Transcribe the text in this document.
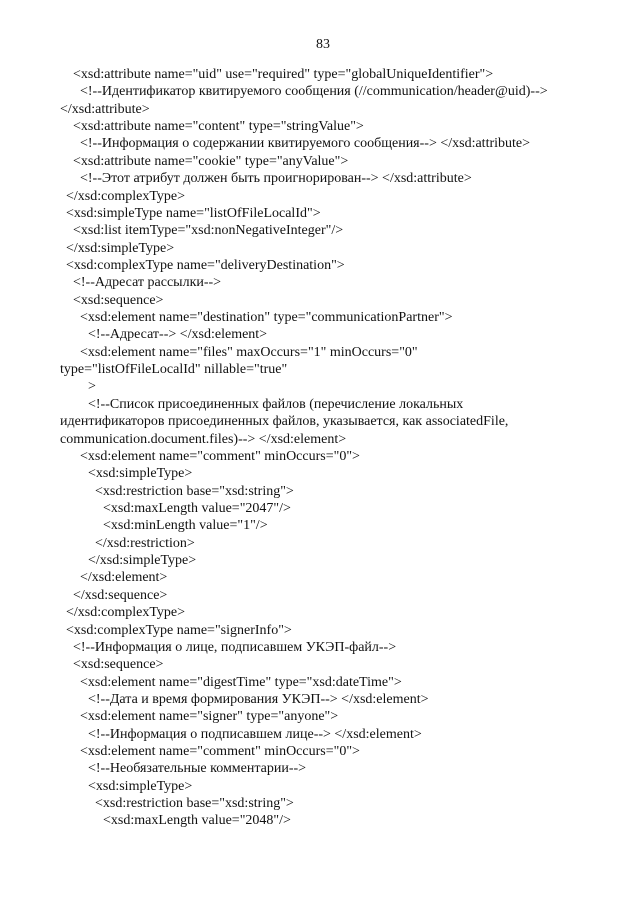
83
<xsd:attribute name="uid" use="required" type="globalUniqueIdentifier">
<!--Идентификатор квитируемого сообщения (//communication/header@uid)-->
</xsd:attribute>
<xsd:attribute name="content" type="stringValue">
<!--Информация о содержании квитируемого сообщения--> </xsd:attribute>
<xsd:attribute name="cookie" type="anyValue">
<!--Этот атрибут должен быть проигнорирован--> </xsd:attribute>
</xsd:complexType>
<xsd:simpleType name="listOfFileLocalId">
<xsd:list itemType="xsd:nonNegativeInteger"/>
</xsd:simpleType>
<xsd:complexType name="deliveryDestination">
<!--Адресат рассылки-->
<xsd:sequence>
<xsd:element name="destination" type="communicationPartner">
<!--Адресат--> </xsd:element>
<xsd:element name="files" maxOccurs="1" minOccurs="0"
type="listOfFileLocalId" nillable="true"
>
<!--Список присоединенных файлов (перечисление локальных
идентификаторов присоединенных файлов, указывается, как associatedFile,
communication.document.files)--> </xsd:element>
<xsd:element name="comment" minOccurs="0">
<xsd:simpleType>
<xsd:restriction base="xsd:string">
<xsd:maxLength value="2047"/>
<xsd:minLength value="1"/>
</xsd:restriction>
</xsd:simpleType>
</xsd:element>
</xsd:sequence>
</xsd:complexType>
<xsd:complexType name="signerInfo">
<!--Информация о лице, подписавшем УКЭП-файл-->
<xsd:sequence>
<xsd:element name="digestTime" type="xsd:dateTime">
<!--Дата и время формирования УКЭП--> </xsd:element>
<xsd:element name="signer" type="anyone">
<!--Информация о подписавшем лице--> </xsd:element>
<xsd:element name="comment" minOccurs="0">
<!--Необязательные комментарии-->
<xsd:simpleType>
<xsd:restriction base="xsd:string">
<xsd:maxLength value="2048"/>
